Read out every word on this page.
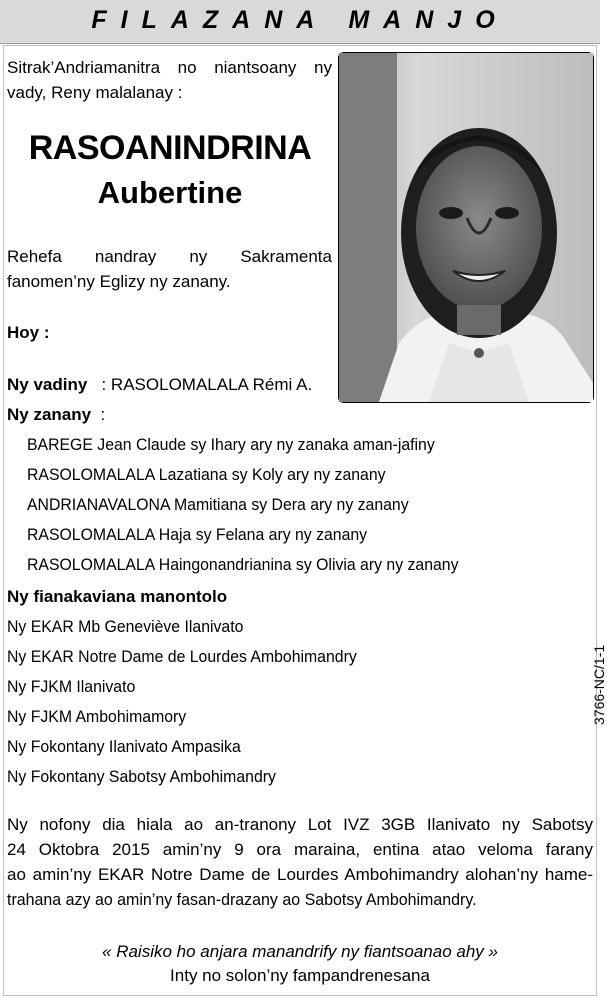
FILAZANA MANJO
Sitrak’Andriamanitra no niantsoany ny
vady, Reny malalanay :
RASOANINDRINA
Aubertine
Rehefa nandray ny Sakramenta
fanomen’ny Eglizy ny zanany.
Hoy :
Ny vadiny : RASOLOMALALA Rémi A.
Ny zanany :
BAREGE Jean Claude sy Ihary ary ny zanaka aman-jafiny
RASOLOMALALA Lazatiana sy Koly ary ny zanany
ANDRIANAVALONA Mamitiana sy Dera ary ny zanany
RASOLOMALALA Haja sy Felana ary ny zanany
RASOLOMALALA Haingonandrianina sy Olivia ary ny zanany
Ny fianakaviana manontolo
Ny EKAR Mb Geneviève Ilanivato
Ny EKAR Notre Dame de Lourdes Ambohimandry
Ny FJKM Ilanivato
Ny FJKM Ambohimamory
Ny Fokontany Ilanivato Ampasika
Ny Fokontany Sabotsy Ambohimandry
3766-NC/1-1
Ny nofony dia hiala ao an-tranony Lot IVZ 3GB Ilanivato ny Sabotsy
24 Oktobra 2015 amin’ny 9 ora maraina, entina atao veloma farany
ao amin’ny EKAR Notre Dame de Lourdes Ambohimandry alohan’ny hame-
trahana azy ao amin’ny fasan-drazany ao Sabotsy Ambohimandry.
« Raisiko ho anjara manandrify ny fiantsoanao ahy »
Inty no solon’ny fampandrenesana
